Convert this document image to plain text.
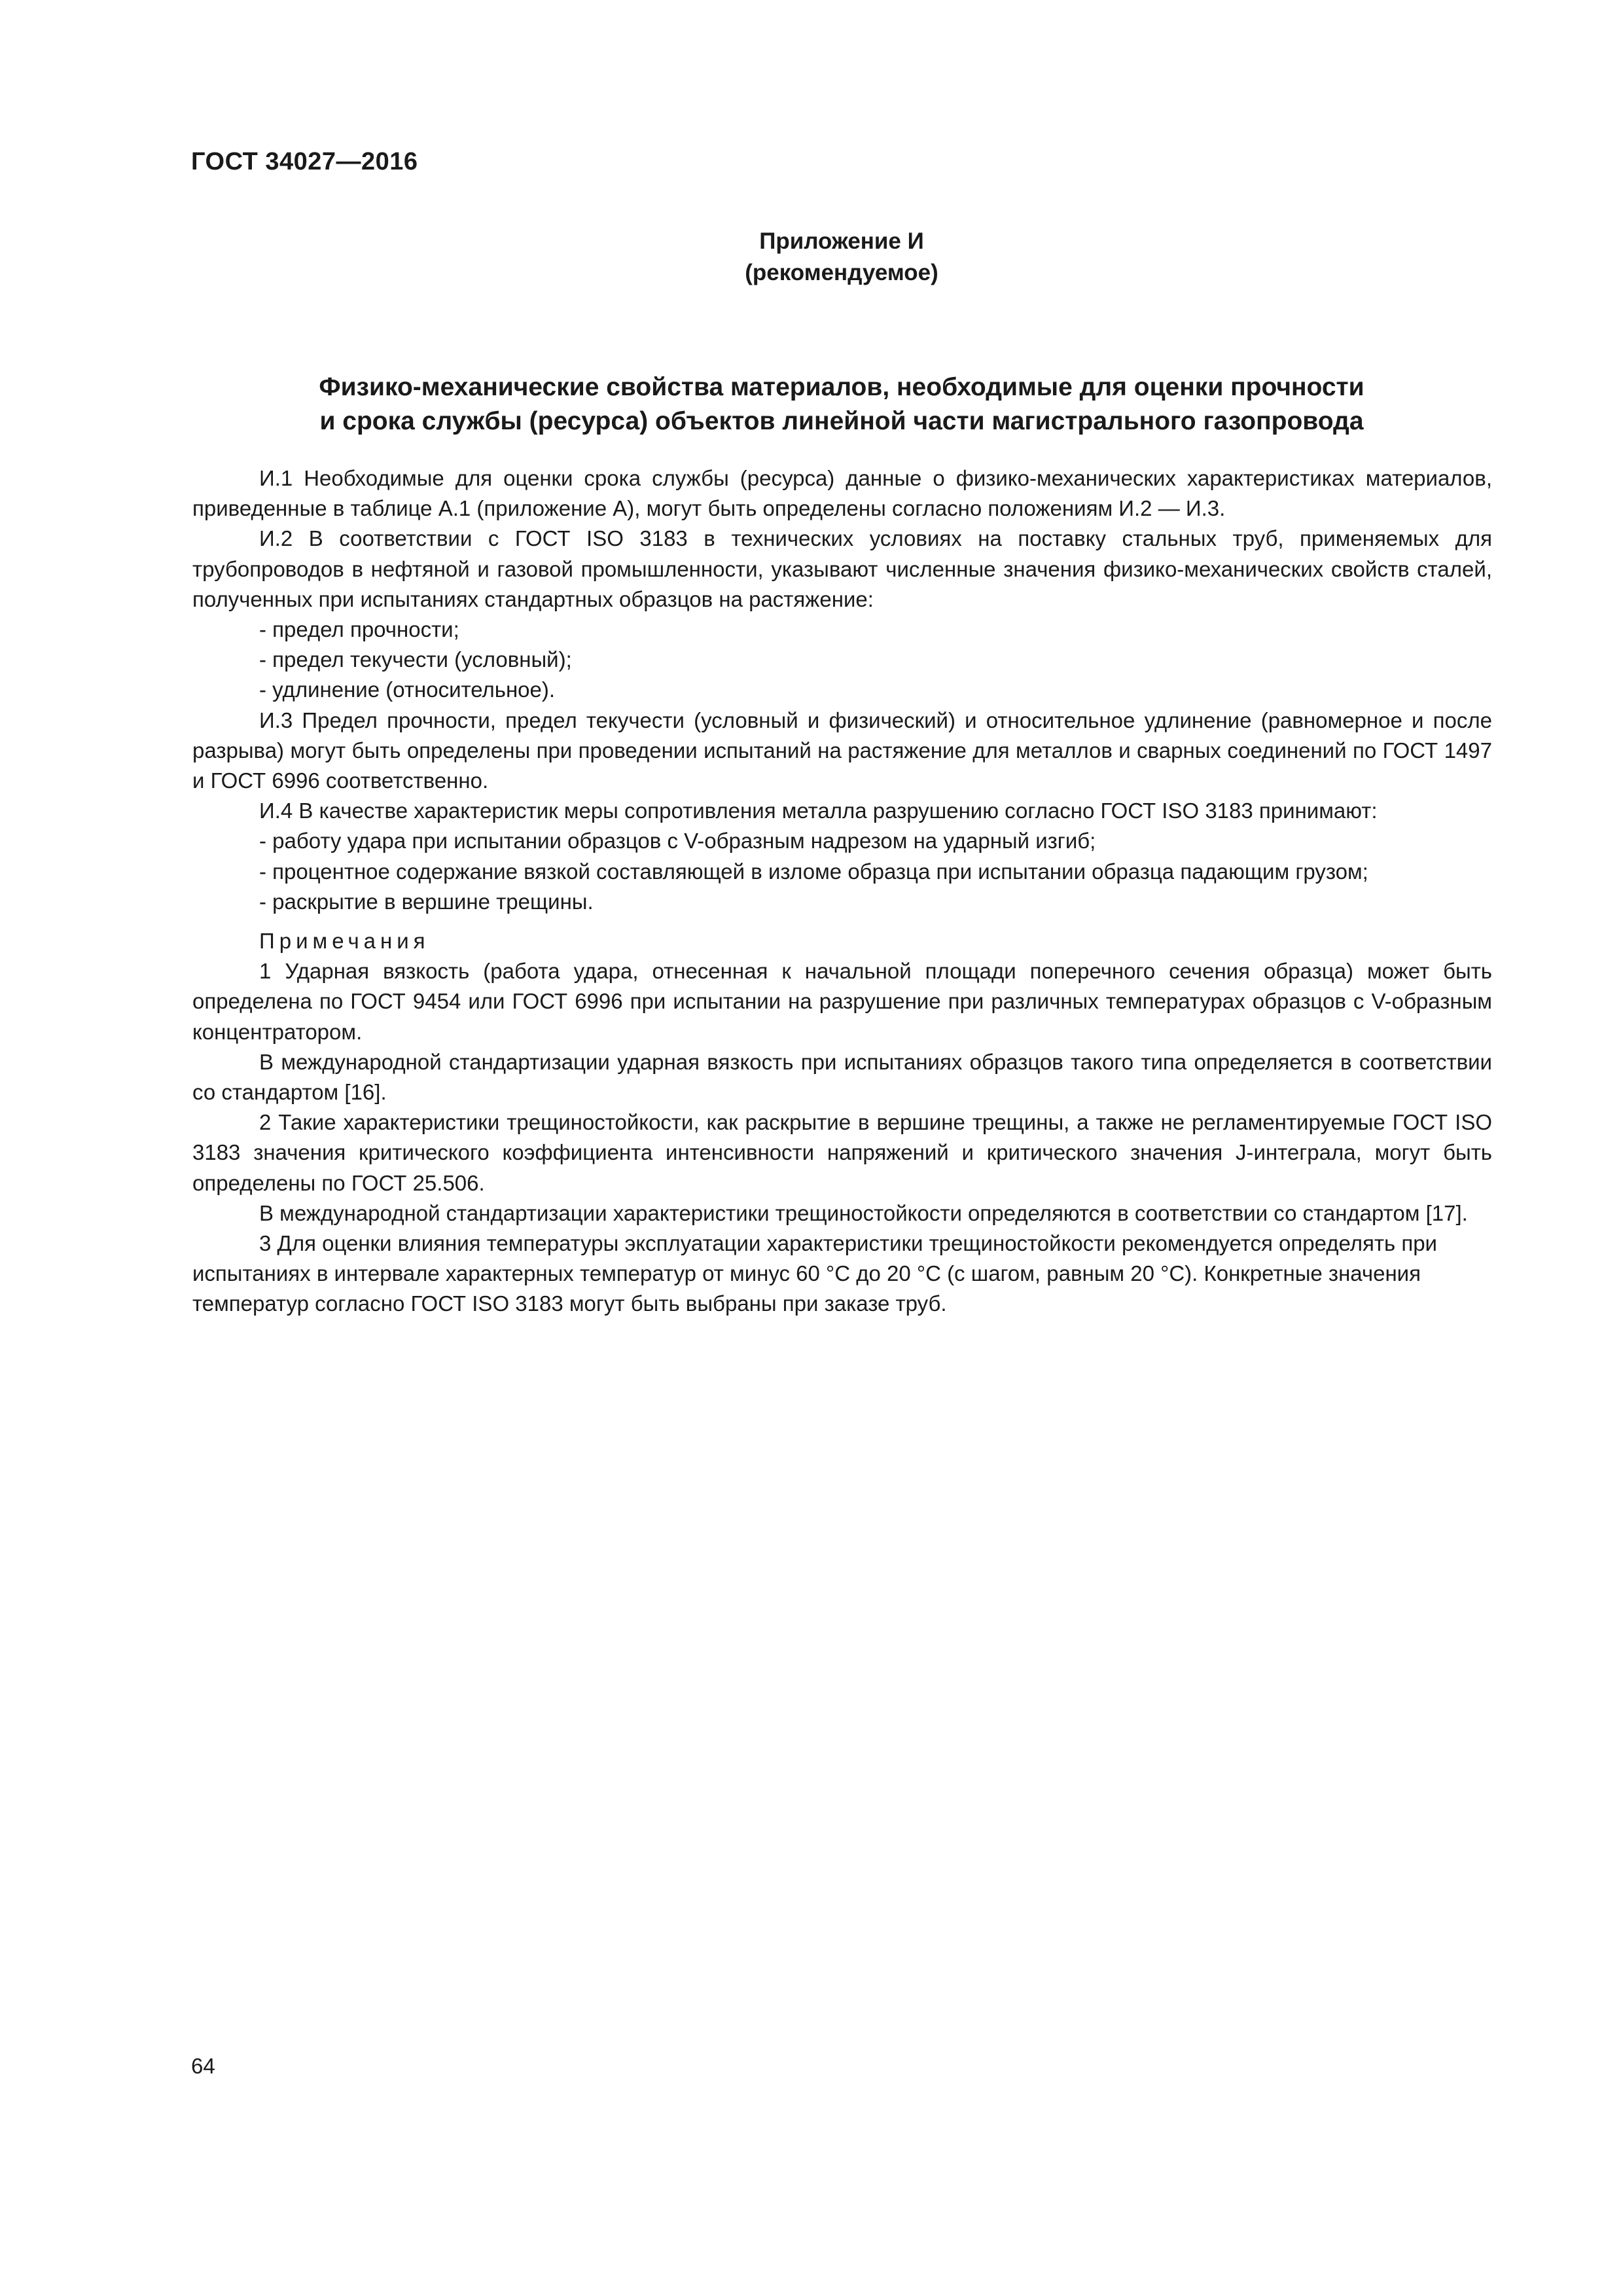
ГОСТ 34027—2016
Приложение И
(рекомендуемое)
Физико-механические свойства материалов, необходимые для оценки прочности
и срока службы (ресурса) объектов линейной части магистрального газопровода

И.1 Необходимые для оценки срока службы (ресурса) данные о физико-механических характеристиках материалов, приведенные в таблице А.1 (приложение А), могут быть определены согласно положениям И.2 — И.3.

И.2 В соответствии с ГОСТ ISO 3183 в технических условиях на поставку стальных труб, применяемых для трубопроводов в нефтяной и газовой промышленности, указывают численные значения физико-механических свойств сталей, полученных при испытаниях стандартных образцов на растяжение:

- предел прочности;

- предел текучести (условный);

- удлинение (относительное).

И.3 Предел прочности, предел текучести (условный и физический) и относительное удлинение (равномерное и после разрыва) могут быть определены при проведении испытаний на растяжение для металлов и сварных соединений по ГОСТ 1497 и ГОСТ 6996 соответственно.

И.4 В качестве характеристик меры сопротивления металла разрушению согласно ГОСТ ISO 3183 принимают:

- работу удара при испытании образцов с V-образным надрезом на ударный изгиб;

- процентное содержание вязкой составляющей в изломе образца при испытании образца падающим грузом;

- раскрытие в вершине трещины.

Примечания

1 Ударная вязкость (работа удара, отнесенная к начальной площади поперечного сечения образца) может быть определена по ГОСТ 9454 или ГОСТ 6996 при испытании на разрушение при различных температурах образцов с V-образным концентратором.

В международной стандартизации ударная вязкость при испытаниях образцов такого типа определяется в соответствии со стандартом [16].

2 Такие характеристики трещиностойкости, как раскрытие в вершине трещины, а также не регламентируемые ГОСТ ISO 3183 значения критического коэффициента интенсивности напряжений и критического значения J-интеграла, могут быть определены по ГОСТ 25.506.

В международной стандартизации характеристики трещиностойкости определяются в соответствии со стандартом [17].

3 Для оценки влияния температуры эксплуатации характеристики трещиностойкости рекомендуется определять при испытаниях в интервале характерных температур от минус 60 °С до 20 °С (с шагом, равным 20 °С). Конкретные значения температур согласно ГОСТ ISO 3183 могут быть выбраны при заказе труб.

64
